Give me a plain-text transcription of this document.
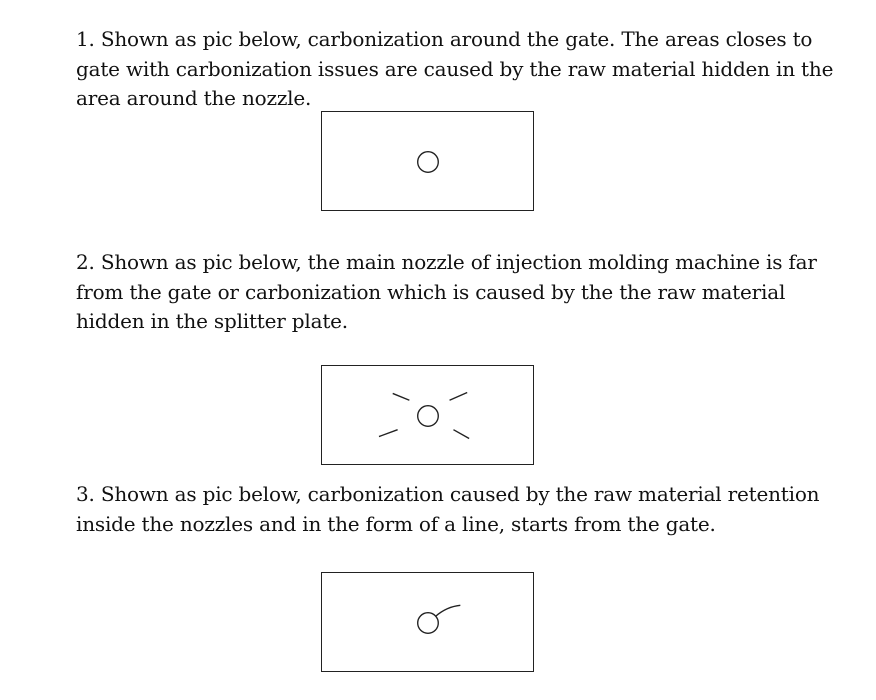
1. Shown as pic below, carbonization around the gate. The areas closes to gate with carbonization issues are caused by the raw material hidden in the area around the nozzle.

2. Shown as pic below, the main nozzle of injection molding machine is far from the gate or carbonization which is caused by the the raw material hidden in the splitter plate.

3. Shown as pic below, carbonization caused by the raw material retention inside the nozzles and in the form of a line, starts from the gate.
